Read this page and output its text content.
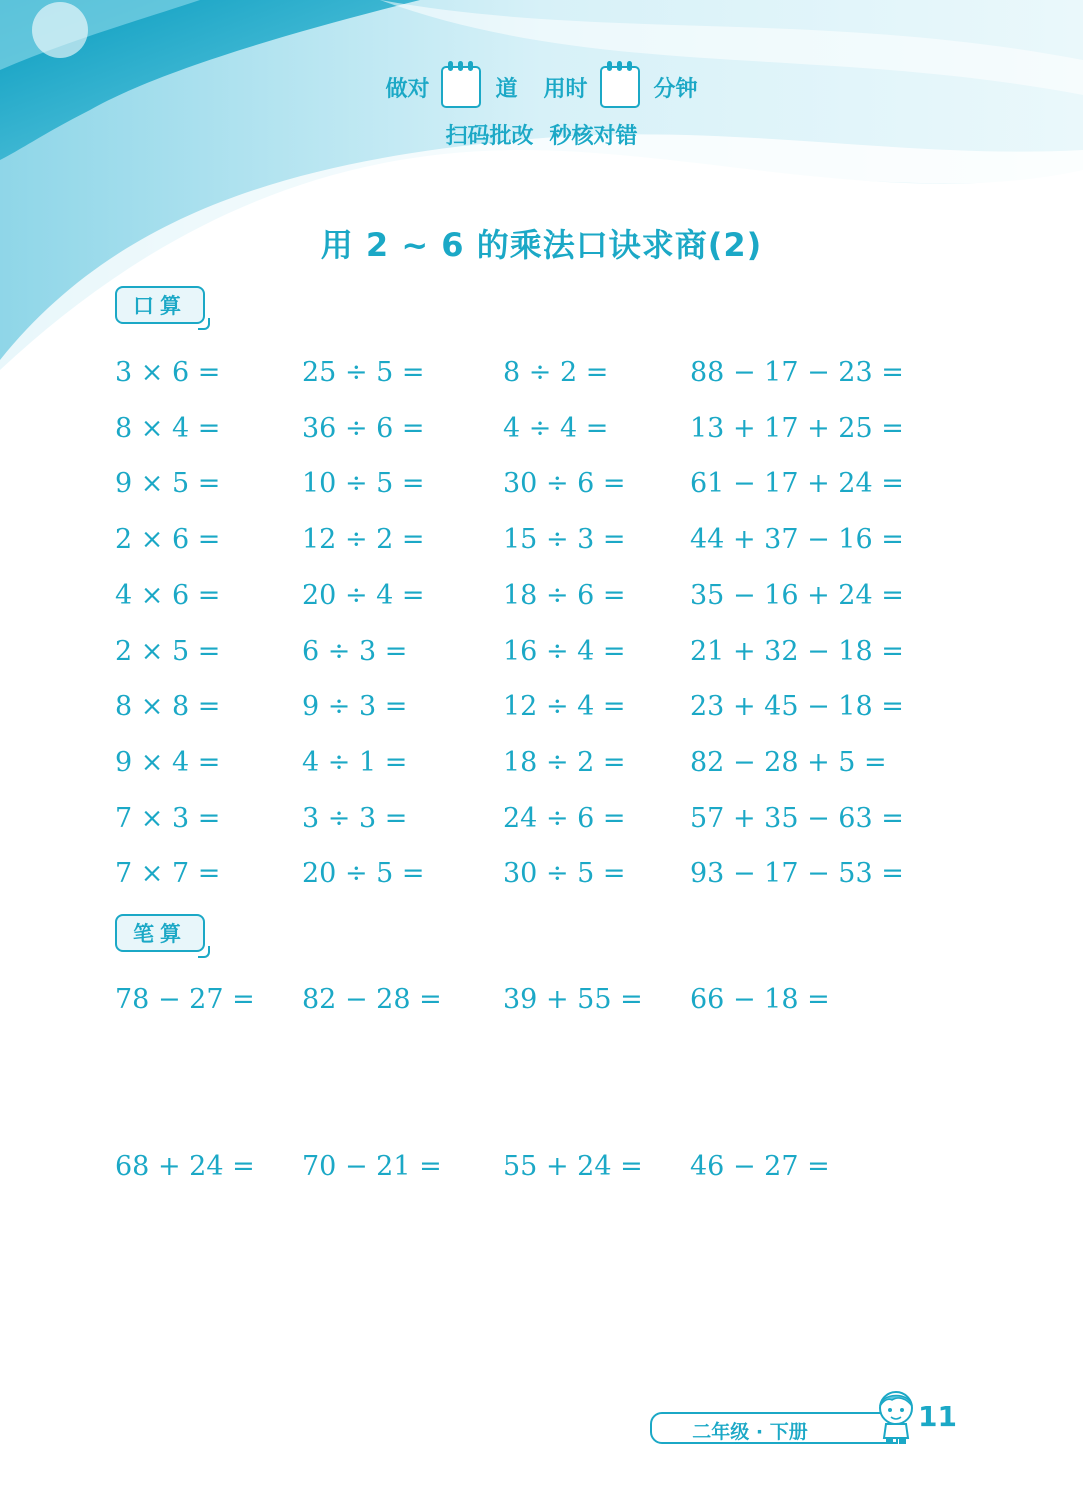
做对	道 用时	分钟
扫码批改 秒核对错
用 2 ~ 6 的乘法口诀求商(2)
口算
笔算
3 × 6 =	25 ÷ 5 =	8 ÷ 2 =	88 − 17 − 23 =
8 × 4 =	36 ÷ 6 =	4 ÷ 4 =	13 + 17 + 25 =
9 × 5 =	10 ÷ 5 =	30 ÷ 6 = 61 − 17 + 24 =
2 × 6 =	12 ÷ 2 =	15 ÷ 3 = 44 + 37 − 16 =
4 × 6 =	20 ÷ 4 =	18 ÷ 6 = 35 − 16 + 24 =
2 × 5 =	6 ÷ 3 =	16 ÷ 4 = 21 + 32 − 18 =
8 × 8 =	9 ÷ 3 =	12 ÷ 4 = 23 + 45 − 18 =
9 × 4 =	4 ÷ 1 =	18 ÷ 2 = 82 − 28 + 5 =
7 × 3 =	3 ÷ 3 =	24 ÷ 6 = 57 + 35 − 63 =
7 × 7 =	20 ÷ 5 =	30 ÷ 5 = 93 − 17 − 53 =
78 − 27 = 82 − 28 = 39 + 55 = 66 − 18 =
68 + 24 = 70 − 21 = 55 + 24 = 46 − 27 =
二年级 · 下册	11
